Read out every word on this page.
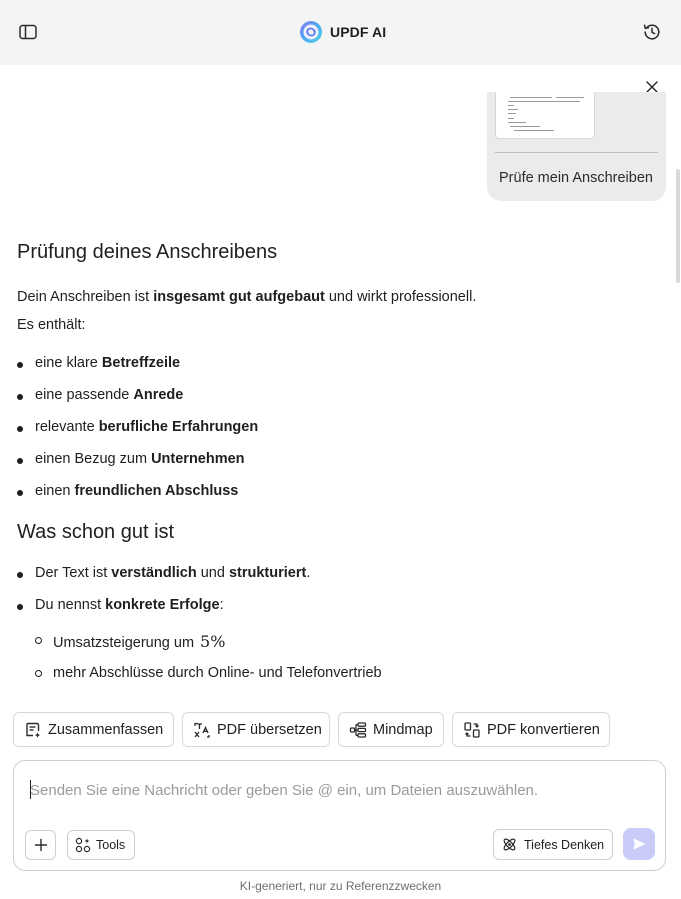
UPDF AI
Prüfe mein Anschreiben
Prüfung deines Anschreibens
Dein Anschreiben ist insgesamt gut aufgebaut und wirkt professionell.
Es enthält:
eine klare Betreffzeile
eine passende Anrede
relevante berufliche Erfahrungen
einen Bezug zum Unternehmen
einen freundlichen Abschluss
Was schon gut ist
Der Text ist verständlich und strukturiert.
Du nennst konkrete Erfolge:
Umsatzsteigerung um 5%
mehr Abschlüsse durch Online- und Telefonvertrieb
Zusammenfassen	PDF übersetzen	Mindmap	PDF konvertieren
Senden Sie eine Nachricht oder geben Sie @ ein, um Dateien auszuwählen.
Tools	Tiefes Denken
KI-generiert, nur zu Referenzzwecken
